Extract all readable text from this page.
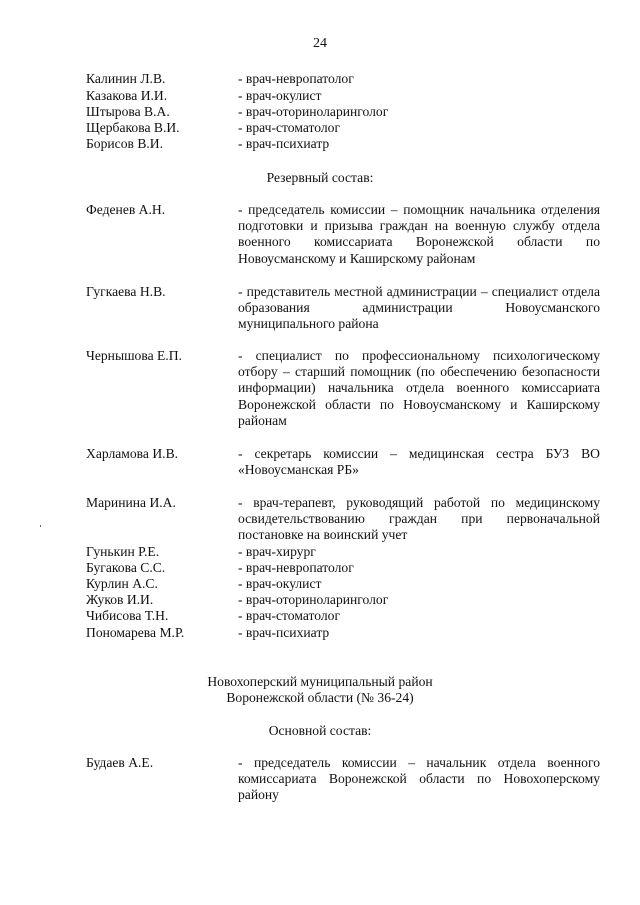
24
Калинин Л.В.	- врач-невропатолог
Казакова И.И.	- врач-окулист
Штырова В.А.	- врач-оториноларинголог
Щербакова В.И.	- врач-стоматолог
Борисов В.И.	- врач-психиатр
Резервный состав:
Феденев А.Н.	- председатель комиссии – помощник начальника отделения подготовки и призыва граждан на военную службу отдела военного комиссариата Воронежской области по Новоусманскому и Каширскому районам
Гугкаева Н.В.	- представитель местной администрации – специалист отдела образования администрации Новоусманского муниципального района
Чернышова Е.П.	- специалист по профессиональному психологическому отбору – старший помощник (по обеспечению безопасности информации) начальника отдела военного комиссариата Воронежской области по Новоусманскому и Каширскому районам
Харламова И.В.	- секретарь комиссии – медицинская сестра БУЗ ВО «Новоусманская РБ»
Маринина И.А.	- врач-терапевт, руководящий работой по медицинскому освидетельствованию граждан при первоначальной постановке на воинский учет
Гунькин Р.Е.	- врач-хирург
Бугакова С.С.	- врач-невропатолог
Курлин А.С.	- врач-окулист
Жуков И.И.	- врач-оториноларинголог
Чибисова Т.Н.	- врач-стоматолог
Пономарева М.Р.	- врач-психиатр
Новохоперский муниципальный район
Воронежской области (№ 36-24)
Основной состав:
Будаев А.Е.	- председатель комиссии – начальник отдела военного комиссариата Воронежской области по Новохоперскому району
